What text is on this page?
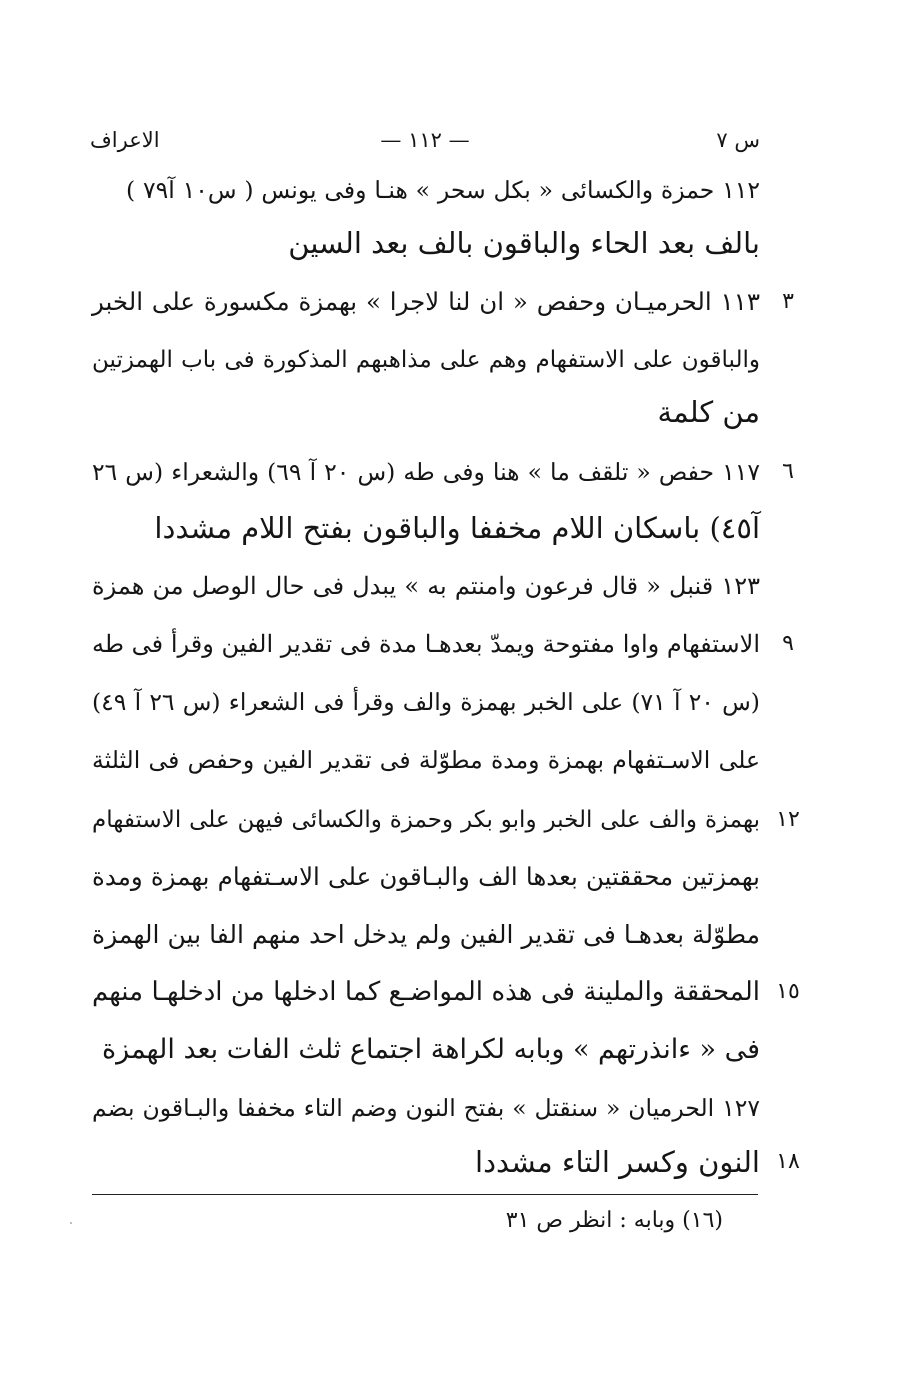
س ٧
— ١١٢ —
الاعراف
١١٢ حمزة والكسائى « بكل سحر » هنـا وفى يونس ( س١٠ آ٧٩ )
بالف بعد الحاء والباقون بالف بعد السين
١١٣ الحرميـان وحفص « ان لنا لاجرا » بهمزة مكسورة على الخبر
والباقون على الاستفهام وهم على مذاهبهم المذكورة فى باب الهمزتين
من كلمة
١١٧ حفص « تلقف ما » هنا وفى طه (س ٢٠ آ ٦٩) والشعراء (س ٢٦
آ٤٥) باسكان اللام مخففا والباقون بفتح اللام مشددا
١٢٣ قنبل « قال فرعون وامنتم به » يبدل فى حال الوصل من همزة
الاستفهام واوا مفتوحة ويمدّ بعدهـا مدة فى تقدير الفين وقرأ فى طه
(س ٢٠ آ ٧١) على الخبر بهمزة والف وقرأ فى الشعراء (س ٢٦ آ ٤٩)
على الاسـتفهام بهمزة ومدة مطوّلة فى تقدير الفين وحفص فى الثلثة
بهمزة والف على الخبر وابو بكر وحمزة والكسائى فيهن على الاستفهام
بهمزتين محققتين بعدها الف والبـاقون على الاسـتفهام بهمزة ومدة
مطوّلة بعدهـا فى تقدير الفين ولم يدخل احد منهم الفا بين الهمزة
المحققة والملينة فى هذه المواضـع كما ادخلها من ادخلهـا منهم
فى « ءانذرتهم » وبابه لكراهة اجتماع ثلث الفات بعد الهمزة
١٢٧ الحرميان « سنقتل » بفتح النون وضم التاء مخففا والبـاقون بضم
النون وكسر التاء مشددا
٣
٦
٩
١٢
١٥
١٨
(١٦) وبابه : انظر ص ٣١
